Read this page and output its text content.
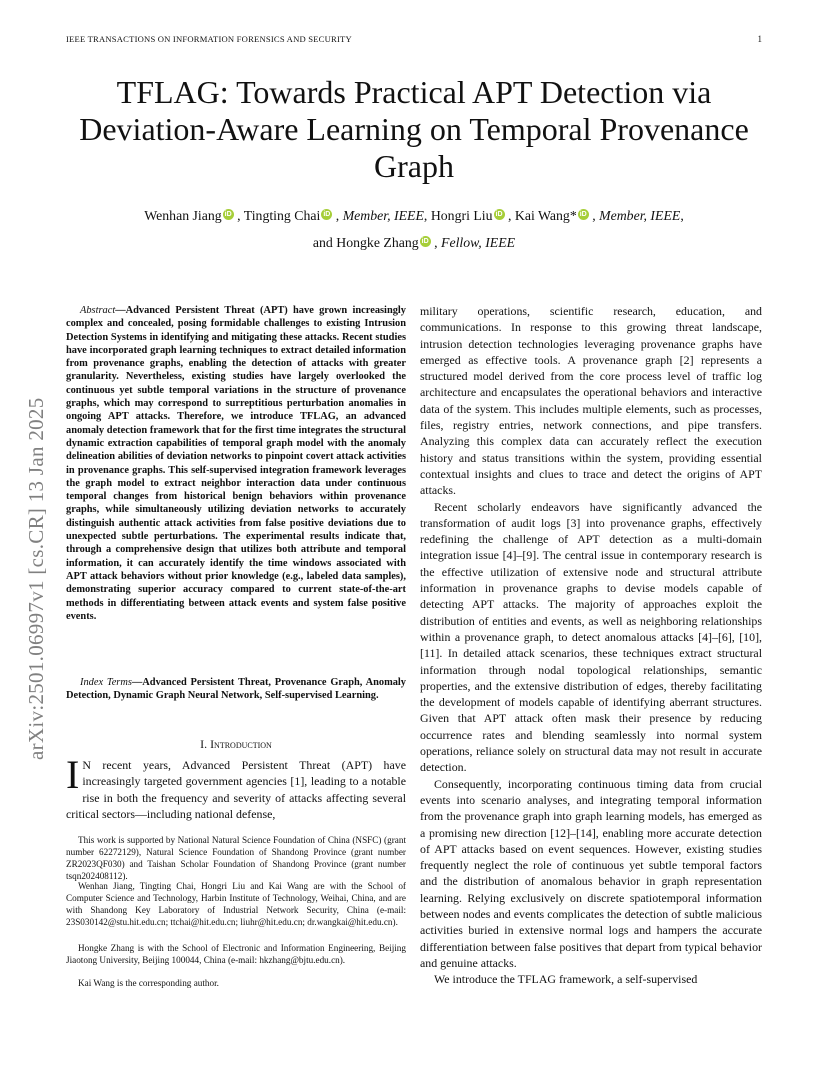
IEEE TRANSACTIONS ON INFORMATION FORENSICS AND SECURITY	1
arXiv:2501.06997v1 [cs.CR] 13 Jan 2025
TFLAG: Towards Practical APT Detection via Deviation-Aware Learning on Temporal Provenance Graph
Wenhan Jiang iD , Tingting Chai iD , Member, IEEE, Hongri Liu iD , Kai Wang* iD , Member, IEEE,
and Hongke Zhang iD , Fellow, IEEE
Abstract—Advanced Persistent Threat (APT) have grown increasingly complex and concealed, posing formidable challenges to existing Intrusion Detection Systems in identifying and mitigating these attacks. Recent studies have incorporated graph learning techniques to extract detailed information from provenance graphs, enabling the detection of attacks with greater granularity. Nevertheless, existing studies have largely overlooked the continuous yet subtle temporal variations in the structure of provenance graphs, which may correspond to surreptitious perturbation anomalies in ongoing APT attacks. Therefore, we introduce TFLAG, an advanced anomaly detection framework that for the first time integrates the structural dynamic extraction capabilities of temporal graph model with the anomaly delineation abilities of deviation networks to pinpoint covert attack activities in provenance graphs. This self-supervised integration framework leverages the graph model to extract neighbor interaction data under continuous temporal changes from historical benign behaviors within provenance graphs, while simultaneously utilizing deviation networks to accurately distinguish authentic attack activities from false positive deviations due to unexpected subtle perturbations. The experimental results indicate that, through a comprehensive design that utilizes both attribute and temporal information, it can accurately identify the time windows associated with APT attack behaviors without prior knowledge (e.g., labeled data samples), demonstrating superior accuracy compared to current state-of-the-art methods in differentiating between attack events and system false positive events.
Index Terms—Advanced Persistent Threat, Provenance Graph, Anomaly Detection, Dynamic Graph Neural Network, Self-supervised Learning.
I. Introduction
I N recent years, Advanced Persistent Threat (APT) have increasingly targeted government agencies [1], leading to a notable rise in both the frequency and severity of attacks affecting several critical sectors—including national defense,

This work is supported by National Natural Science Foundation of China (NSFC) (grant number 62272129), Natural Science Foundation of Shandong Province (grant number ZR2023QF030) and Taishan Scholar Foundation of Shandong Province (grant number tsqn202408112).

Wenhan Jiang, Tingting Chai, Hongri Liu and Kai Wang are with the School of Computer Science and Technology, Harbin Institute of Technology, Weihai, China, and are with Shandong Key Laboratory of Industrial Network Security, China (e-mail: 23S030142@stu.hit.edu.cn; ttchai@hit.edu.cn; liuhr@hit.edu.cn; dr.wangkai@hit.edu.cn).

Hongke Zhang is with the School of Electronic and Information Engineering, Beijing Jiaotong University, Beijing 100044, China (e-mail: hkzhang@bjtu.edu.cn).

Kai Wang is the corresponding author.

military operations, scientific research, education, and communications. In response to this growing threat landscape, intrusion detection technologies leveraging provenance graphs have emerged as effective tools. A provenance graph [2] represents a structured model derived from the core process level of traffic log architecture and encapsulates the operational behaviors and interactive data of the system. This includes multiple elements, such as processes, files, registry entries, network connections, and pipe transfers. Analyzing this complex data can accurately reflect the execution history and status transitions within the system, providing essential contextual insights and clues to trace and detect the origins of APT attacks.

Recent scholarly endeavors have significantly advanced the transformation of audit logs [3] into provenance graphs, effectively redefining the challenge of APT detection as a multi-domain integration issue [4]–[9]. The central issue in contemporary research is the effective utilization of extensive node and structural attribute information in provenance graphs to devise models capable of detecting APT attacks. The majority of approaches exploit the distribution of entities and events, as well as neighboring relationships within a provenance graph, to detect anomalous attacks [4]–[6], [10], [11]. In detailed attack scenarios, these techniques extract structural information through nodal topological relationships, semantic properties, and the extensive distribution of edges, thereby facilitating the development of models capable of identifying aberrant structures. Given that APT attack often mask their presence by reducing occurrence rates and blending seamlessly into normal system operations, reliance solely on structural data may not result in accurate detection.

Consequently, incorporating continuous timing data from crucial events into scenario analyses, and integrating temporal information from the provenance graph into graph learning models, has emerged as a promising new direction [12]–[14], enabling more accurate detection of APT attacks based on event sequences. However, existing studies frequently neglect the role of continuous yet subtle temporal factors and the distribution of anomalous behavior in graph representation learning. Relying exclusively on discrete spatiotemporal information between nodes and events complicates the detection of subtle malicious activities buried in extensive normal logs and hampers the accurate differentiation between false positives that depart from typical behavior and genuine attacks.

We introduce the TFLAG framework, a self-supervised
